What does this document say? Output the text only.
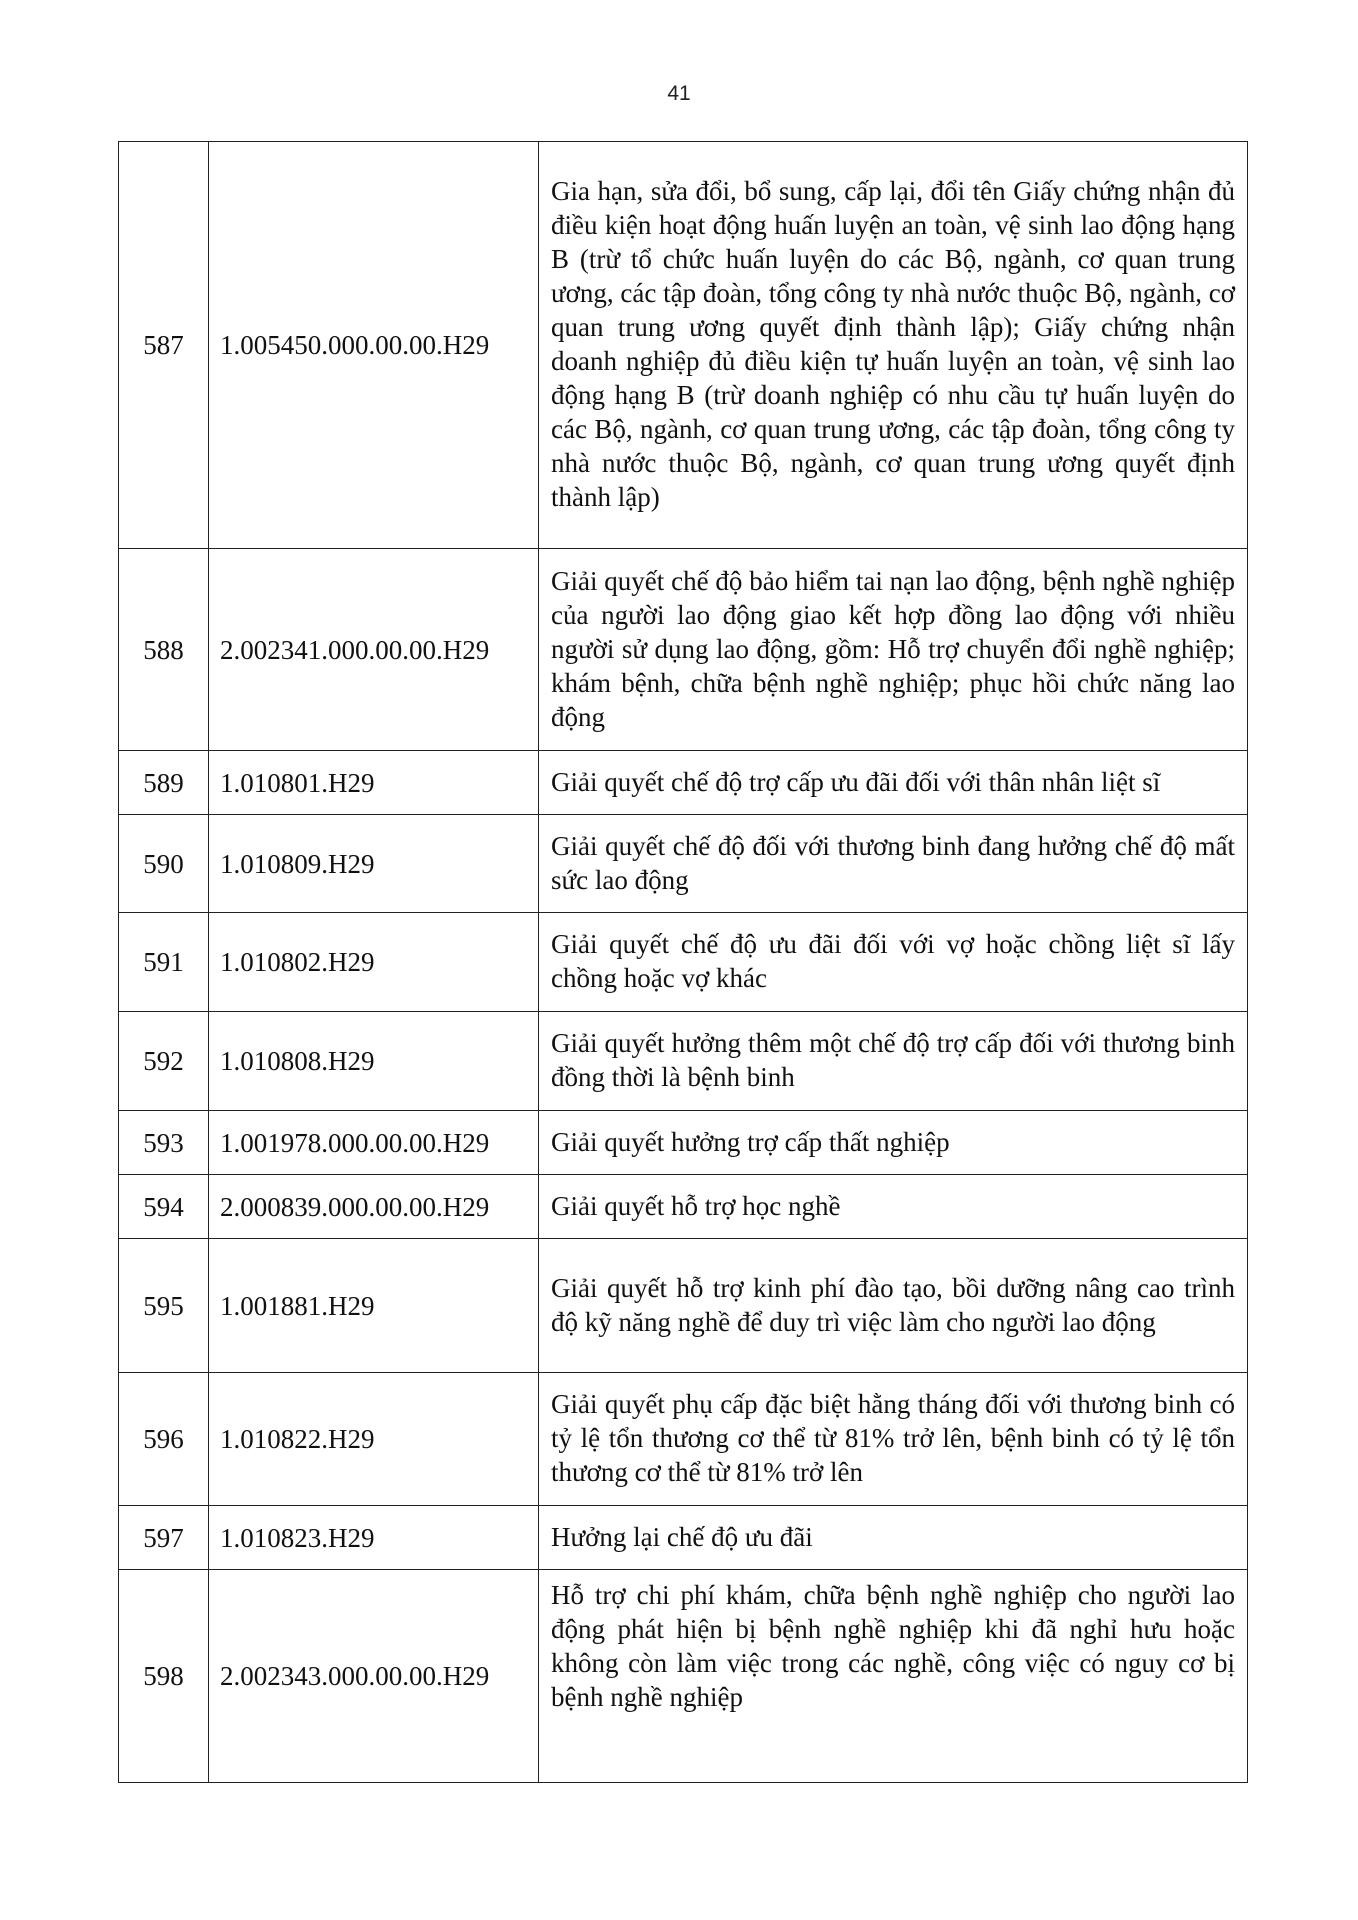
41
587	1.005450.000.00.00.H29	Gia hạn, sửa đổi, bổ sung, cấp lại, đổi tên Giấy chứng nhận đủ điều kiện hoạt động huấn luyện an toàn, vệ sinh lao động hạng B (trừ tổ chức huấn luyện do các Bộ, ngành, cơ quan trung ương, các tập đoàn, tổng công ty nhà nước thuộc Bộ, ngành, cơ quan trung ương quyết định thành lập); Giấy chứng nhận doanh nghiệp đủ điều kiện tự huấn luyện an toàn, vệ sinh lao động hạng B (trừ doanh nghiệp có nhu cầu tự huấn luyện do các Bộ, ngành, cơ quan trung ương, các tập đoàn, tổng công ty nhà nước thuộc Bộ, ngành, cơ quan trung ương quyết định thành lập)
588	2.002341.000.00.00.H29	Giải quyết chế độ bảo hiểm tai nạn lao động, bệnh nghề nghiệp của người lao động giao kết hợp đồng lao động với nhiều người sử dụng lao động, gồm: Hỗ trợ chuyển đổi nghề nghiệp; khám bệnh, chữa bệnh nghề nghiệp; phục hồi chức năng lao động
589	1.010801.H29	Giải quyết chế độ trợ cấp ưu đãi đối với thân nhân liệt sĩ
590	1.010809.H29	Giải quyết chế độ đối với thương binh đang hưởng chế độ mất sức lao động
591	1.010802.H29	Giải quyết chế độ ưu đãi đối với vợ hoặc chồng liệt sĩ lấy chồng hoặc vợ khác
592	1.010808.H29	Giải quyết hưởng thêm một chế độ trợ cấp đối với thương binh đồng thời là bệnh binh
593	1.001978.000.00.00.H29	Giải quyết hưởng trợ cấp thất nghiệp
594	2.000839.000.00.00.H29	Giải quyết hỗ trợ học nghề
595	1.001881.H29	Giải quyết hỗ trợ kinh phí đào tạo, bồi dưỡng nâng cao trình độ kỹ năng nghề để duy trì việc làm cho người lao động
596	1.010822.H29	Giải quyết phụ cấp đặc biệt hằng tháng đối với thương binh có tỷ lệ tổn thương cơ thể từ 81% trở lên, bệnh binh có tỷ lệ tổn thương cơ thể từ 81% trở lên
597	1.010823.H29	Hưởng lại chế độ ưu đãi
598	2.002343.000.00.00.H29	Hỗ trợ chi phí khám, chữa bệnh nghề nghiệp cho người lao động phát hiện bị bệnh nghề nghiệp khi đã nghỉ hưu hoặc không còn làm việc trong các nghề, công việc có nguy cơ bị bệnh nghề nghiệp
